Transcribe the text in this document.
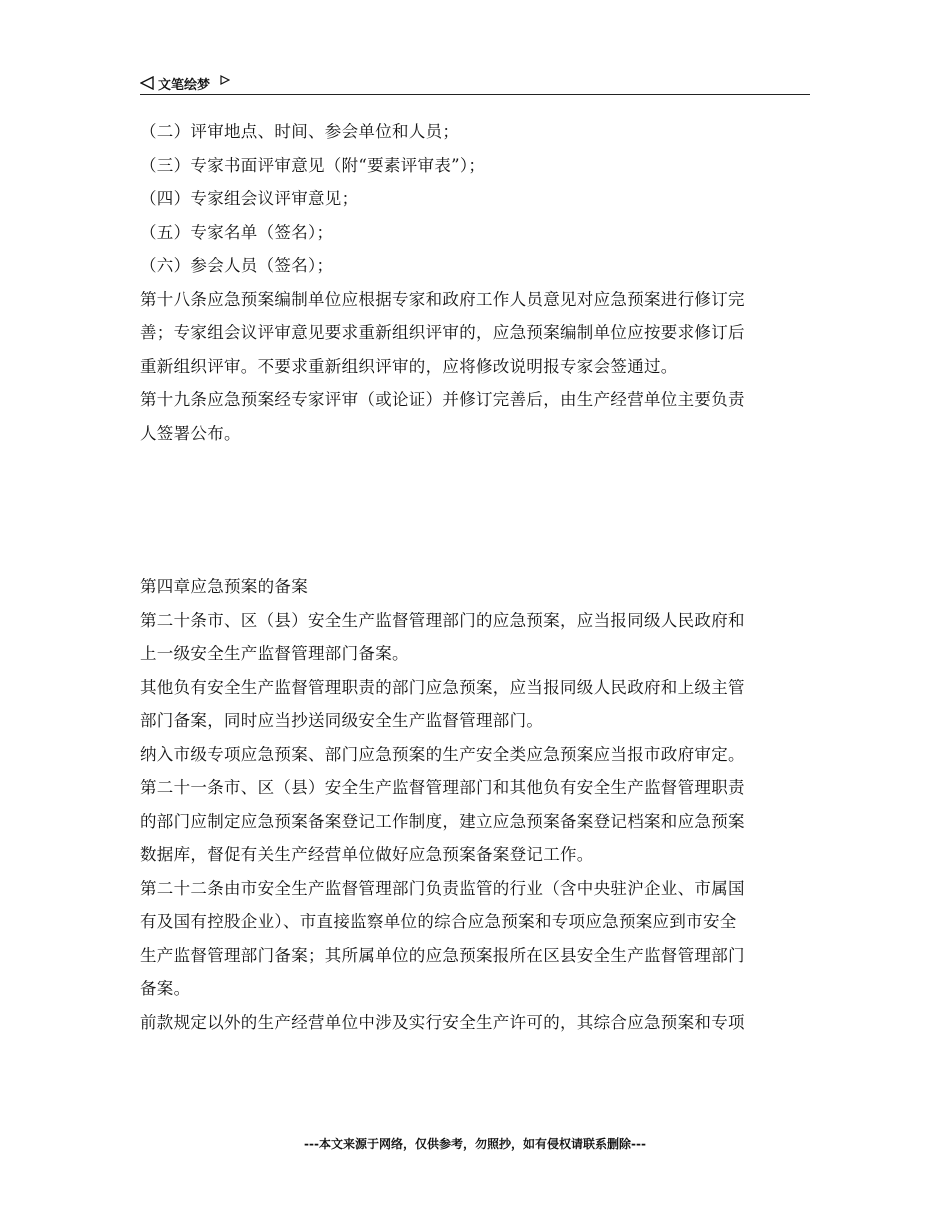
文笔绘梦
（二）评审地点、时间、参会单位和人员；
（三）专家书面评审意见（附“要素评审表”）；
（四）专家组会议评审意见；
（五）专家名单（签名）；
（六）参会人员（签名）；
第十八条应急预案编制单位应根据专家和政府工作人员意见对应急预案进行修订完
善；专家组会议评审意见要求重新组织评审的，应急预案编制单位应按要求修订后
重新组织评审。不要求重新组织评审的，应将修改说明报专家会签通过。
第十九条应急预案经专家评审（或论证）并修订完善后，由生产经营单位主要负责
人签署公布。
第四章应急预案的备案
第二十条市、区（县）安全生产监督管理部门的应急预案，应当报同级人民政府和
上一级安全生产监督管理部门备案。
其他负有安全生产监督管理职责的部门应急预案，应当报同级人民政府和上级主管
部门备案，同时应当抄送同级安全生产监督管理部门。
纳入市级专项应急预案、部门应急预案的生产安全类应急预案应当报市政府审定。
第二十一条市、区（县）安全生产监督管理部门和其他负有安全生产监督管理职责
的部门应制定应急预案备案登记工作制度，建立应急预案备案登记档案和应急预案
数据库，督促有关生产经营单位做好应急预案备案登记工作。
第二十二条由市安全生产监督管理部门负责监管的行业（含中央驻沪企业、市属国
有及国有控股企业）、市直接监察单位的综合应急预案和专项应急预案应到市安全
生产监督管理部门备案；其所属单位的应急预案报所在区县安全生产监督管理部门
备案。
前款规定以外的生产经营单位中涉及实行安全生产许可的，其综合应急预案和专项
---本文来源于网络，仅供参考，勿照抄，如有侵权请联系删除---
